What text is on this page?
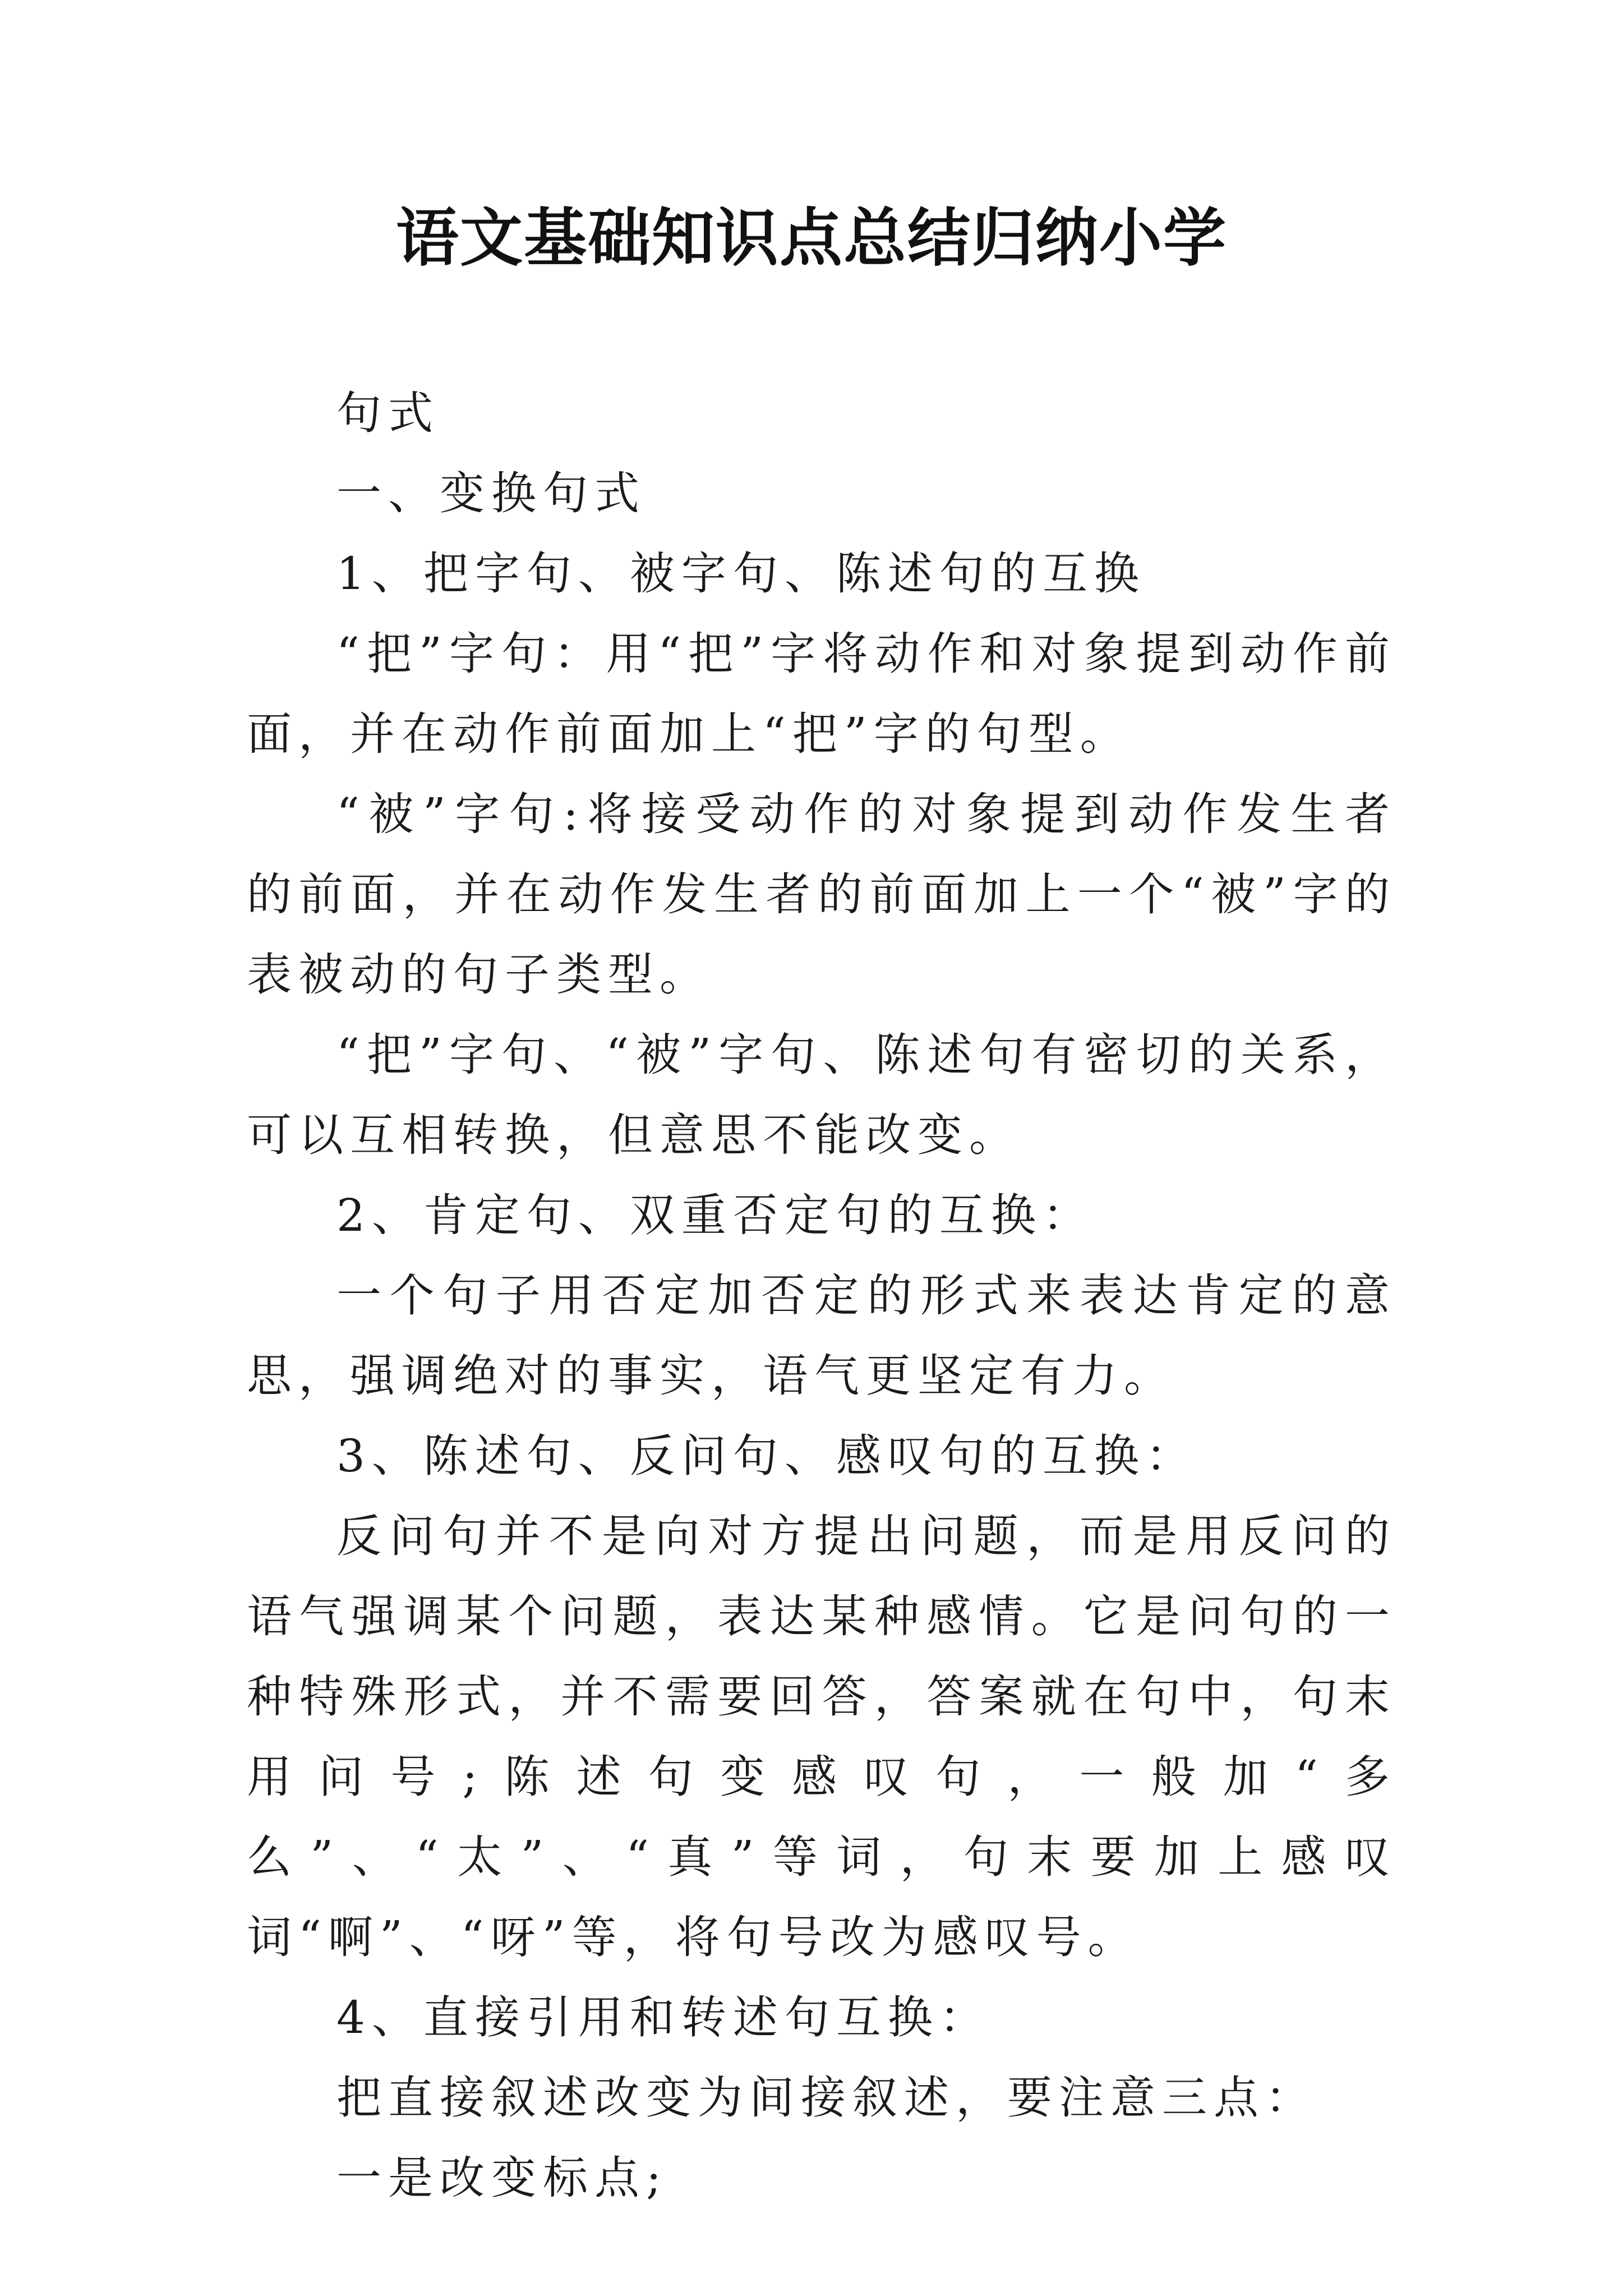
语文基础知识点总结归纳小学

句式

一、变换句式

1、把字句、被字句、陈述句的互换

“把”字句：用“把”字将动作和对象提到动作前面，并在动作前面加上“把”字的句型。

“被”字句:将接受动作的对象提到动作发生者的前面，并在动作发生者的前面加上一个“被”字的表被动的句子类型。

“把”字句、“被”字句、陈述句有密切的关系，可以互相转换，但意思不能改变。

2、肯定句、双重否定句的互换：

一个句子用否定加否定的形式来表达肯定的意思，强调绝对的事实，语气更坚定有力。

3、陈述句、反问句、感叹句的互换：

反问句并不是向对方提出问题，而是用反问的语气强调某个问题，表达某种感情。它是问句的一种特殊形式，并不需要回答，答案就在句中，句末用问号;陈述句变感叹句，一般加“多么”、“太”、“真”等词，句末要加上感叹词“啊”、“呀”等，将句号改为感叹号。

4、直接引用和转述句互换：

把直接叙述改变为间接叙述，要注意三点：

一是改变标点;
